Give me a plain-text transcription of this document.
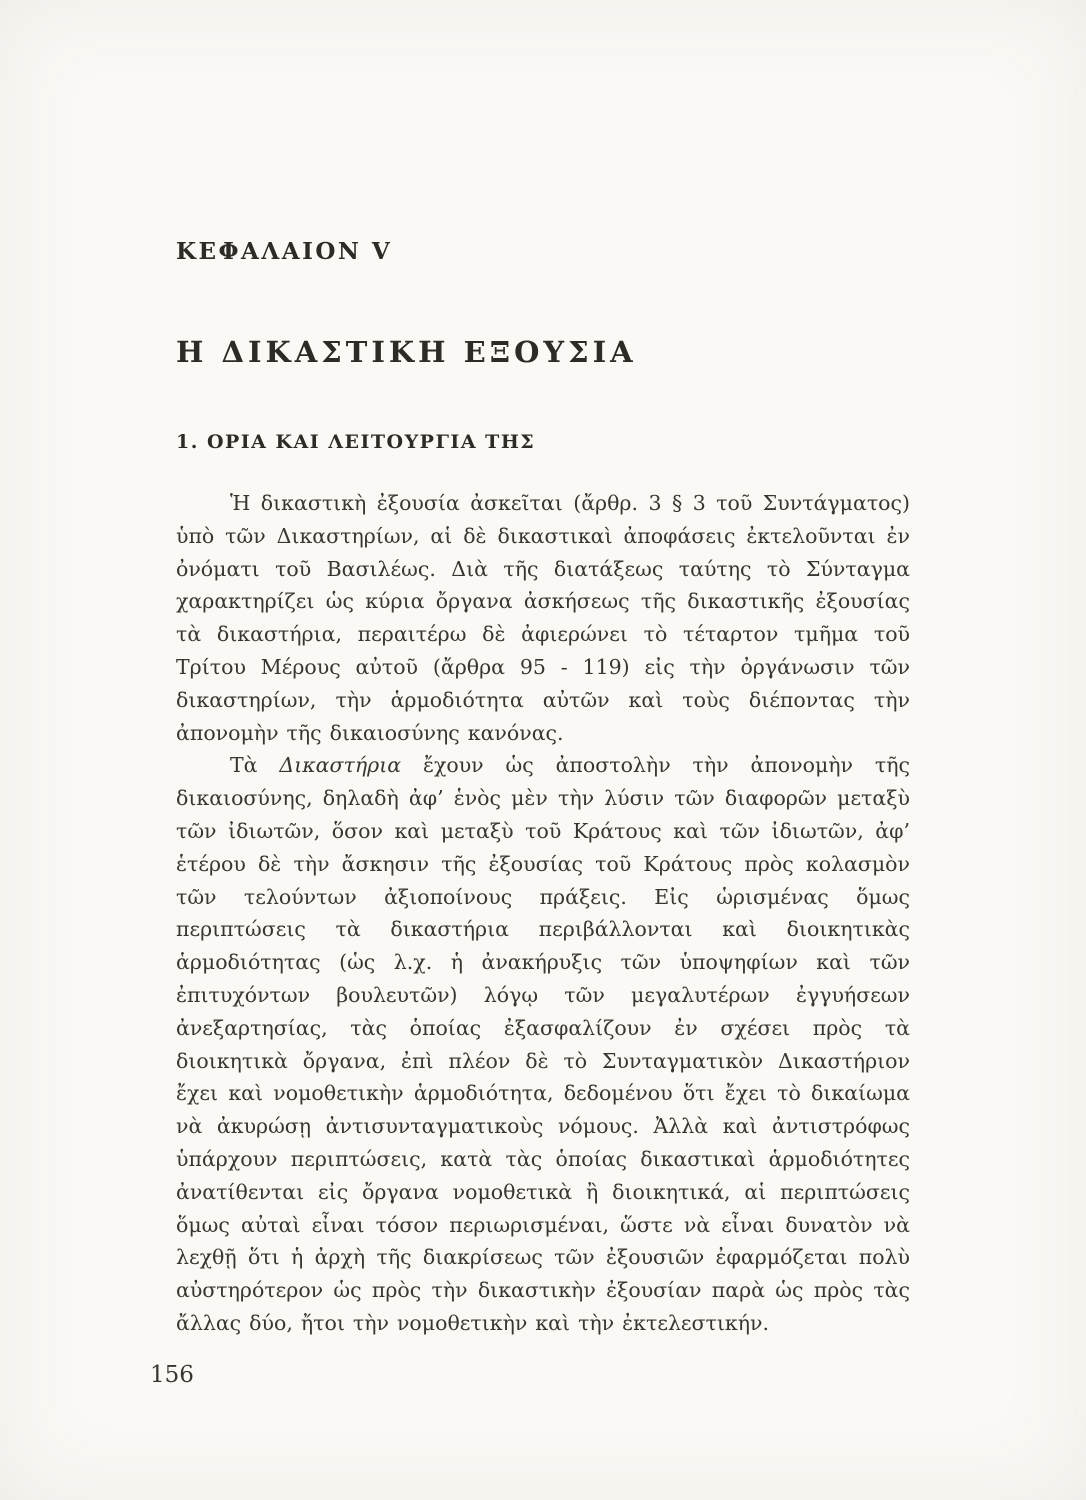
ΚΕΦΑΛΑΙΟΝ V
Η ΔΙΚΑΣΤΙΚΗ ΕΞΟΥΣΙΑ
1. ΟΡΙΑ ΚΑΙ ΛΕΙΤΟΥΡΓΙΑ ΤΗΣ

Ἡ δικαστικὴ ἐξουσία ἀσκεῖται (ἄρθρ. 3 § 3 τοῦ Συντάγματος) ὑπὸ τῶν Δικαστηρίων, αἱ δὲ δικαστικαὶ ἀποφάσεις ἐκτελοῦνται ἐν ὀνόματι τοῦ Βασιλέως. Διὰ τῆς διατάξεως ταύτης τὸ Σύνταγμα χαρακτηρίζει ὡς κύρια ὄργανα ἀσκήσεως τῆς δικαστικῆς ἐξουσίας τὰ δικαστήρια, περαιτέρω δὲ ἀφιερώνει τὸ τέταρτον τμῆμα τοῦ Τρίτου Μέρους αὐτοῦ (ἄρθρα 95 - 119) εἰς τὴν ὀργάνωσιν τῶν δικαστηρίων, τὴν ἁρμοδιότητα αὐτῶν καὶ τοὺς διέποντας τὴν ἀπονομὴν τῆς δικαιοσύνης κανόνας.

Τὰ Δικαστήρια ἔχουν ὡς ἀποστολὴν τὴν ἀπονομὴν τῆς δικαιοσύνης, δηλαδὴ ἀφ’ ἑνὸς μὲν τὴν λύσιν τῶν διαφορῶν μεταξὺ τῶν ἰδιωτῶν, ὅσον καὶ μεταξὺ τοῦ Κράτους καὶ τῶν ἰδιωτῶν, ἀφ’ ἑτέρου δὲ τὴν ἄσκησιν τῆς ἐξουσίας τοῦ Κράτους πρὸς κολασμὸν τῶν τελούντων ἀξιοποίνους πράξεις. Εἰς ὡρισμένας ὅμως περιπτώσεις τὰ δικαστήρια περιβάλλονται καὶ διοικητικὰς ἁρμοδιότητας (ὡς λ.χ. ἡ ἀνακήρυξις τῶν ὑποψηφίων καὶ τῶν ἐπιτυχόντων βουλευτῶν) λόγῳ τῶν μεγαλυτέρων ἐγγυήσεων ἀνεξαρτησίας, τὰς ὁποίας ἐξασφαλίζουν ἐν σχέσει πρὸς τὰ διοικητικὰ ὄργανα, ἐπὶ πλέον δὲ τὸ Συνταγματικὸν Δικαστήριον ἔχει καὶ νομοθετικὴν ἁρμοδιότητα, δεδομένου ὅτι ἔχει τὸ δικαίωμα νὰ ἀκυρώσῃ ἀντισυνταγματικοὺς νόμους. Ἀλλὰ καὶ ἀντιστρόφως ὑπάρχουν περιπτώσεις, κατὰ τὰς ὁποίας δικαστικαὶ ἁρμοδιότητες ἀνατίθενται εἰς ὄργανα νομοθετικὰ ἢ διοικητικά, αἱ περιπτώσεις ὅμως αὐταὶ εἶναι τόσον περιωρισμέναι, ὥστε νὰ εἶναι δυνατὸν νὰ λεχθῇ ὅτι ἡ ἀρχὴ τῆς διακρίσεως τῶν ἐξουσιῶν ἐφαρμόζεται πολὺ αὐστηρότερον ὡς πρὸς τὴν δικαστικὴν ἐξουσίαν παρὰ ὡς πρὸς τὰς ἄλλας δύο, ἤτοι τὴν νομοθετικὴν καὶ τὴν ἐκτελεστικήν.

156
